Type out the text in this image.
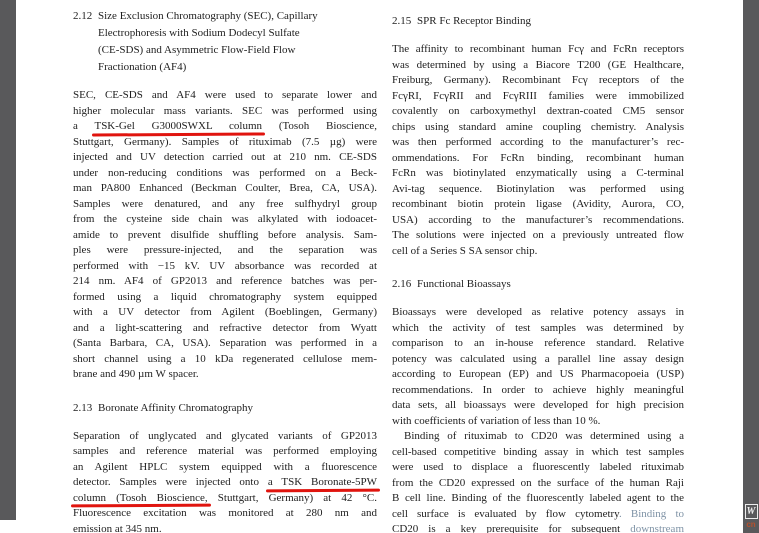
2.12 Size Exclusion Chromatography (SEC), Capillary
Electrophoresis with Sodium Dodecyl Sulfate
(CE-SDS) and Asymmetric Flow-Field Flow
Fractionation (AF4)
SEC, CE-SDS and AF4 were used to separate lower and
higher molecular mass variants. SEC was performed using
a TSK-Gel G3000SWXL column (Tosoh Bioscience,
Stuttgart, Germany). Samples of rituximab (7.5 µg) were
injected and UV detection carried out at 210 nm. CE-SDS
under non-reducing conditions was performed on a Beck-
man PA800 Enhanced (Beckman Coulter, Brea, CA, USA).
Samples were denatured, and any free sulfhydryl group
from the cysteine side chain was alkylated with iodoacet-
amide to prevent disulfide shuffling before analysis. Sam-
ples were pressure-injected, and the separation was
performed with −15 kV. UV absorbance was recorded at
214 nm. AF4 of GP2013 and reference batches was per-
formed using a liquid chromatography system equipped
with a UV detector from Agilent (Boeblingen, Germany)
and a light-scattering and refractive detector from Wyatt
(Santa Barbara, CA, USA). Separation was performed in a
short channel using a 10 kDa regenerated cellulose mem-
brane and 490 µm W spacer.
2.13 Boronate Affinity Chromatography
Separation of unglycated and glycated variants of GP2013
samples and reference material was performed employing
an Agilent HPLC system equipped with a fluorescence
detector. Samples were injected onto a TSK Boronate-5PW
column (Tosoh Bioscience, Stuttgart, Germany) at 42 °C.
Fluorescence excitation was monitored at 280 nm and
emission at 345 nm.
2.15 SPR Fc Receptor Binding
The affinity to recombinant human Fcγ and FcRn receptors
was determined by using a Biacore T200 (GE Healthcare,
Freiburg, Germany). Recombinant Fcγ receptors of the
FcγRI, FcγRII and FcγRIII families were immobilized
covalently on carboxymethyl dextran-coated CM5 sensor
chips using standard amine coupling chemistry. Analysis
was then performed according to the manufacturer’s rec-
ommendations. For FcRn binding, recombinant human
FcRn was biotinylated enzymatically using a C-terminal
Avi-tag sequence. Biotinylation was performed using
recombinant biotin protein ligase (Avidity, Aurora, CO,
USA) according to the manufacturer’s recommendations.
The solutions were injected on a previously untreated flow
cell of a Series S SA sensor chip.
2.16 Functional Bioassays
Bioassays were developed as relative potency assays in
which the activity of test samples was determined by
comparison to an in-house reference standard. Relative
potency was calculated using a parallel line assay design
according to European (EP) and US Pharmacopoeia (USP)
recommendations. In order to achieve highly meaningful
data sets, all bioassays were developed for high precision
with coefficients of variation of less than 10 %.
Binding of rituximab to CD20 was determined using a
cell-based competitive binding assay in which test samples
were used to displace a fluorescently labeled rituximab
from the CD20 expressed on the surface of the human Raji
B cell line. Binding of the fluorescently labeled agent to the
cell surface is evaluated by flow cytometry. Binding to
CD20 is a key prerequisite for subsequent downstream
W
cn
